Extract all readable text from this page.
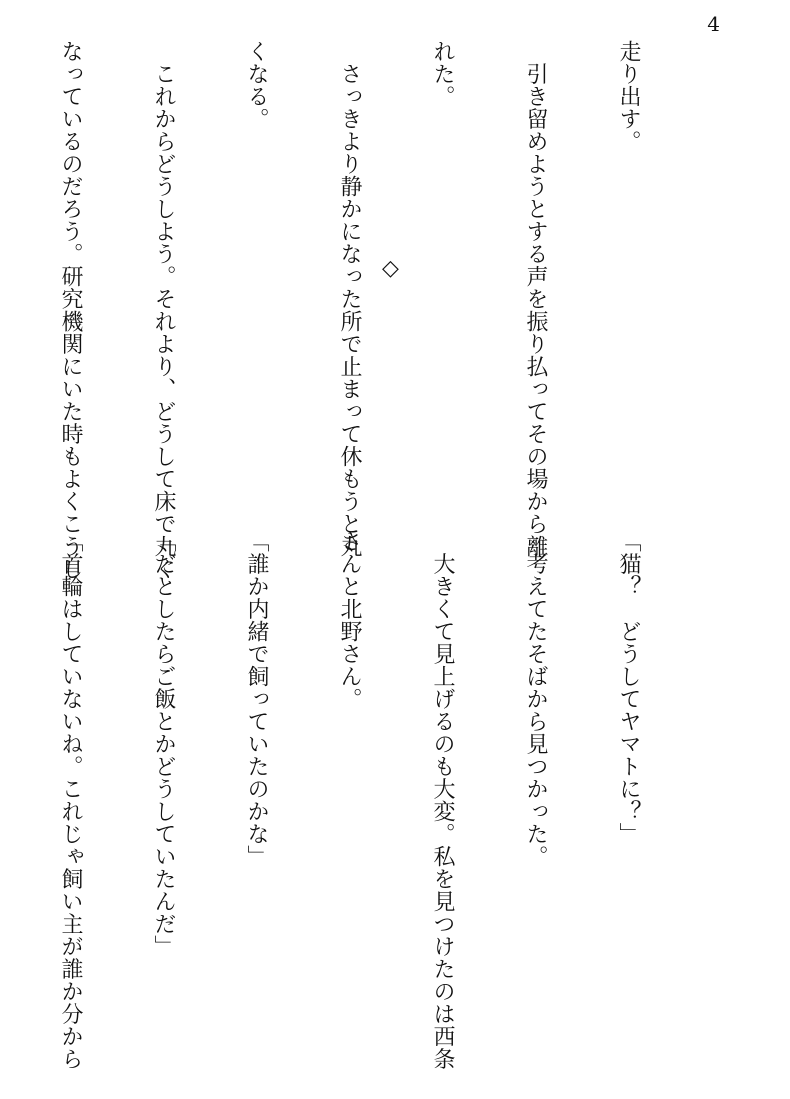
4

走り出す。

　引き留めようとする声を振り払ってその場から離

れた。

　さっきより静かになった所で止まって休もうと丸

くなる。

　これからどうしよう。それより、どうして床で丸く

なっているのだろう。研究機関にいた時もよくこうし

	◇

「猫？　どうしてヤマトに？」

　考えてたそばから見つかった。

　大きくて見上げるのも大変。私を見つけたのは西条

さんと北野さん。

「誰か内緒で飼っていたのかな」

「だとしたらご飯とかどうしていたんだ」

「首輪はしていないね。これじゃ飼い主が誰か分から
